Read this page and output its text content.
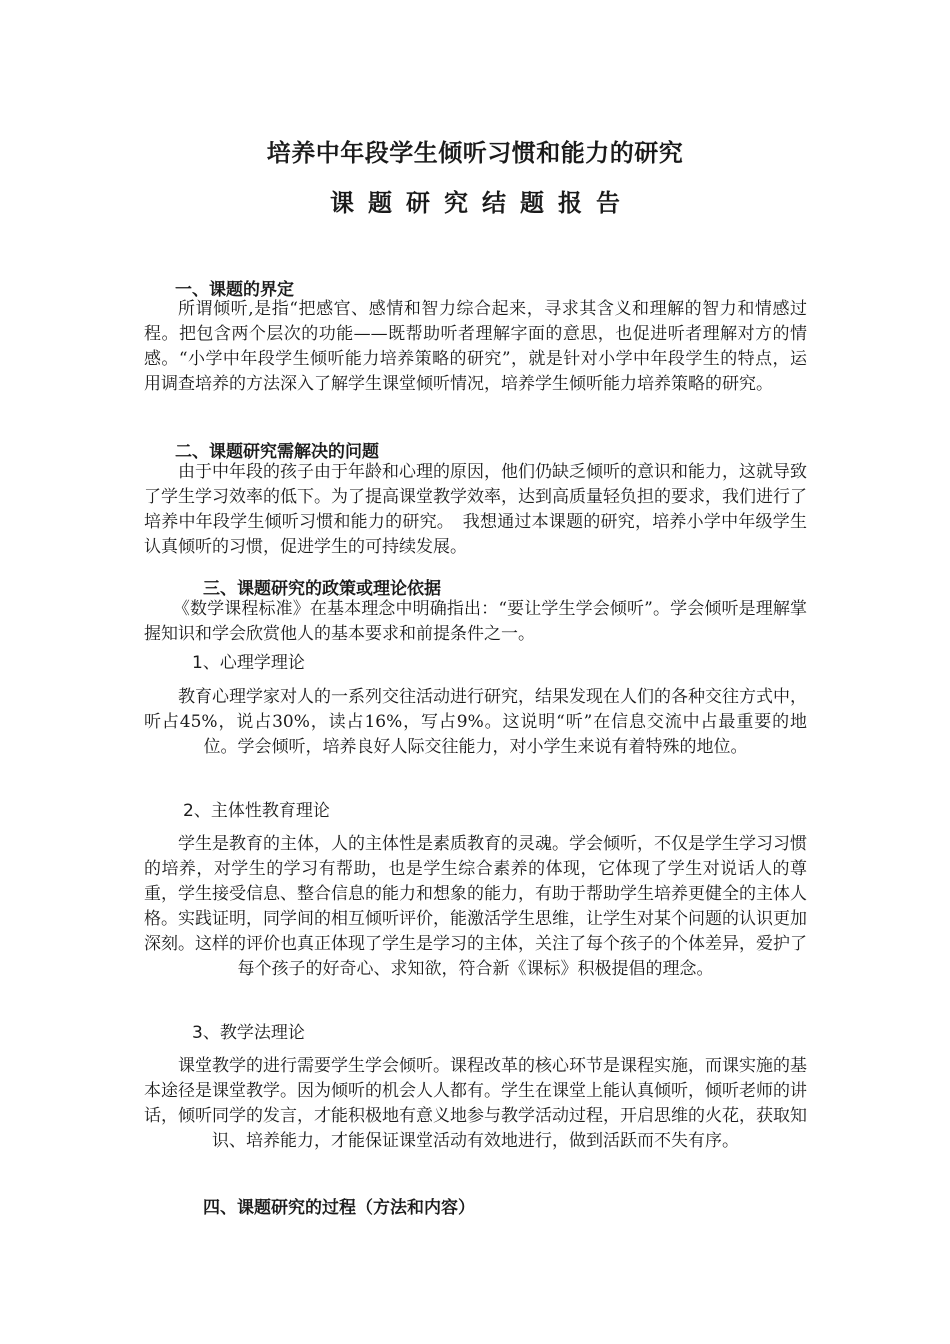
培养中年段学生倾听习惯和能力的研究
课题研究结题报告
一、课题的界定
所谓倾听,是指“把感官、感情和智力综合起来，寻求其含义和理解的智力和情感过程。把包含两个层次的功能——既帮助听者理解字面的意思，也促进听者理解对方的情感。“小学中年段学生倾听能力培养策略的研究”，就是针对小学中年段学生的特点，运用调查培养的方法深入了解学生课堂倾听情况，培养学生倾听能力培养策略的研究。
二、课题研究需解决的问题
由于中年段的孩子由于年龄和心理的原因，他们仍缺乏倾听的意识和能力，这就导致了学生学习效率的低下。为了提高课堂教学效率，达到高质量轻负担的要求，我们进行了培养中年段学生倾听习惯和能力的研究。　我想通过本课题的研究，培养小学中年级学生认真倾听的习惯，促进学生的可持续发展。
三、课题研究的政策或理论依据
《数学课程标准》在基本理念中明确指出：“要让学生学会倾听”。学会倾听是理解掌握知识和学会欣赏他人的基本要求和前提条件之一。
1、心理学理论
教育心理学家对人的一系列交往活动进行研究，结果发现在人们的各种交往方式中，听占45%，说占30%，读占16%，写占9%。这说明“听”在信息交流中占最重要的地位。学会倾听，培养良好人际交往能力，对小学生来说有着特殊的地位。
2、主体性教育理论
学生是教育的主体，人的主体性是素质教育的灵魂。学会倾听，不仅是学生学习习惯的培养，对学生的学习有帮助，也是学生综合素养的体现，它体现了学生对说话人的尊重，学生接受信息、整合信息的能力和想象的能力，有助于帮助学生培养更健全的主体人格。实践证明，同学间的相互倾听评价，能激活学生思维，让学生对某个问题的认识更加深刻。这样的评价也真正体现了学生是学习的主体，关注了每个孩子的个体差异，爱护了每个孩子的好奇心、求知欲，符合新《课标》积极提倡的理念。
3、教学法理论
课堂教学的进行需要学生学会倾听。课程改革的核心环节是课程实施，而课实施的基本途径是课堂教学。因为倾听的机会人人都有。学生在课堂上能认真倾听，倾听老师的讲话，倾听同学的发言，才能积极地有意义地参与教学活动过程，开启思维的火花，获取知识、培养能力，才能保证课堂活动有效地进行，做到活跃而不失有序。
四、课题研究的过程（方法和内容）
